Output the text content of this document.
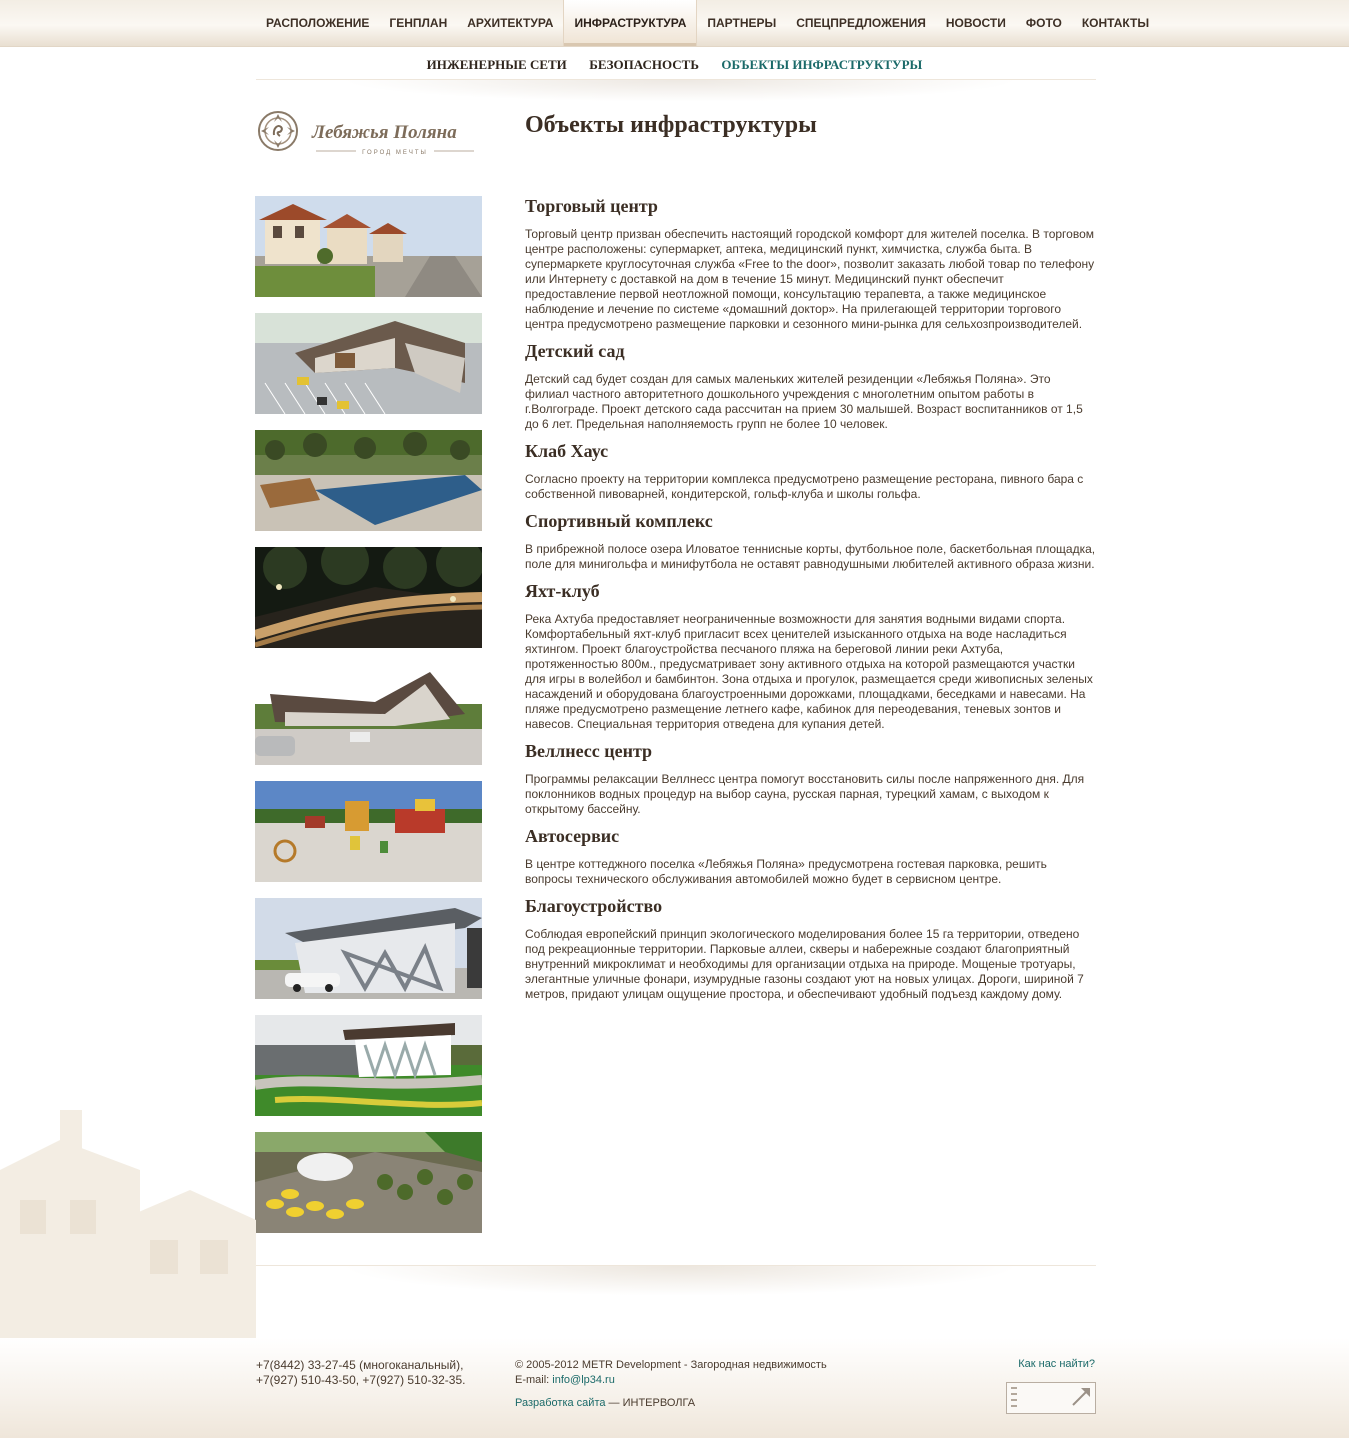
РАСПОЛОЖЕНИЕ	ГЕНПЛАН	АРХИТЕКТУРА	ИНФРАСТРУКТУРА	ПАРТНЕРЫ	СПЕЦПРЕДЛОЖЕНИЯ	НОВОСТИ	ФОТО	КОНТАКТЫ
ИНЖЕНЕРНЫЕ СЕТИ БЕЗОПАСНОСТЬ ОБЪЕКТЫ ИНФРАСТРУКТУРЫ
Лебяжья Поляна
ГОРОД МЕЧТЫ
Объекты инфраструктуры
Торговый центр

Торговый центр призван обеспечить настоящий городской комфорт для жителей поселка. В торговом центре расположены: супермаркет, аптека, медицинский пункт, химчистка, служба быта. В супермаркете круглосуточная служба «Free to the door», позволит заказать любой товар по телефону или Интернету с доставкой на дом в течение 15 минут. Медицинский пункт обеспечит предоставление первой неотложной помощи, консультацию терапевта, а также медицинское наблюдение и лечение по системе «домашний доктор». На прилегающей территории торгового центра предусмотрено размещение парковки и сезонного мини-рынка для сельхозпроизводителей.

Детский сад

Детский сад будет создан для самых маленьких жителей резиденции «Лебяжья Поляна». Это филиал частного авторитетного дошкольного учреждения с многолетним опытом работы в г.Волгограде. Проект детского сада рассчитан на прием 30 малышей. Возраст воспитанников от 1,5 до 6 лет. Предельная наполняемость групп не более 10 человек.

Клаб Хаус

Согласно проекту на территории комплекса предусмотрено размещение ресторана, пивного бара с собственной пивоварней, кондитерской, гольф-клуба и школы гольфа.

Спортивный комплекс

В прибрежной полосе озера Иловатое теннисные корты, футбольное поле, баскетбольная площадка, поле для минигольфа и минифутбола не оставят равнодушными любителей активного образа жизни.

Яхт-клуб

Река Ахтуба предоставляет неограниченные возможности для занятия водными видами спорта. Комфортабельный яхт-клуб пригласит всех ценителей изысканного отдыха на воде насладиться яхтингом. Проект благоустройства песчаного пляжа на береговой линии реки Ахтуба, протяженностью 800м., предусматривает зону активного отдыха на которой размещаются участки для игры в волейбол и бамбинтон. Зона отдыха и прогулок, размещается среди живописных зеленых насаждений и оборудована благоустроенными дорожками, площадками, беседками и навесами. На пляже предусмотрено размещение летнего кафе, кабинок для переодевания, теневых зонтов и навесов. Специальная территория отведена для купания детей.

Веллнесс центр

Программы релаксации Веллнесс центра помогут восстановить силы после напряженного дня. Для поклонников водных процедур на выбор сауна, русская парная, турецкий хамам, с выходом к открытому бассейну.

Автосервис

В центре коттеджного поселка «Лебяжья Поляна» предусмотрена гостевая парковка, решить вопросы технического обслуживания автомобилей можно будет в сервисном центре.

Благоустройство

Соблюдая европейский принцип экологического моделирования более 15 га территории, отведено под рекреационные территории. Парковые аллеи, скверы и набережные создают благоприятный внутренний микроклимат и необходимы для организации отдыха на природе. Мощеные тротуары, элегантные уличные фонари, изумрудные газоны создают уют на новых улицах. Дороги, шириной 7 метров, придают улицам ощущение простора, и обеспечивают удобный подъезд каждому дому.

+7(8442) 33-27-45 (многоканальный),
+7(927) 510-43-50, +7(927) 510-32-35.
© 2005-2012 METR Development - Загородная недвижимость
E-mail: info@lp34.ru
Разработка сайта — ИНТЕРВОЛГА
Как нас найти?
